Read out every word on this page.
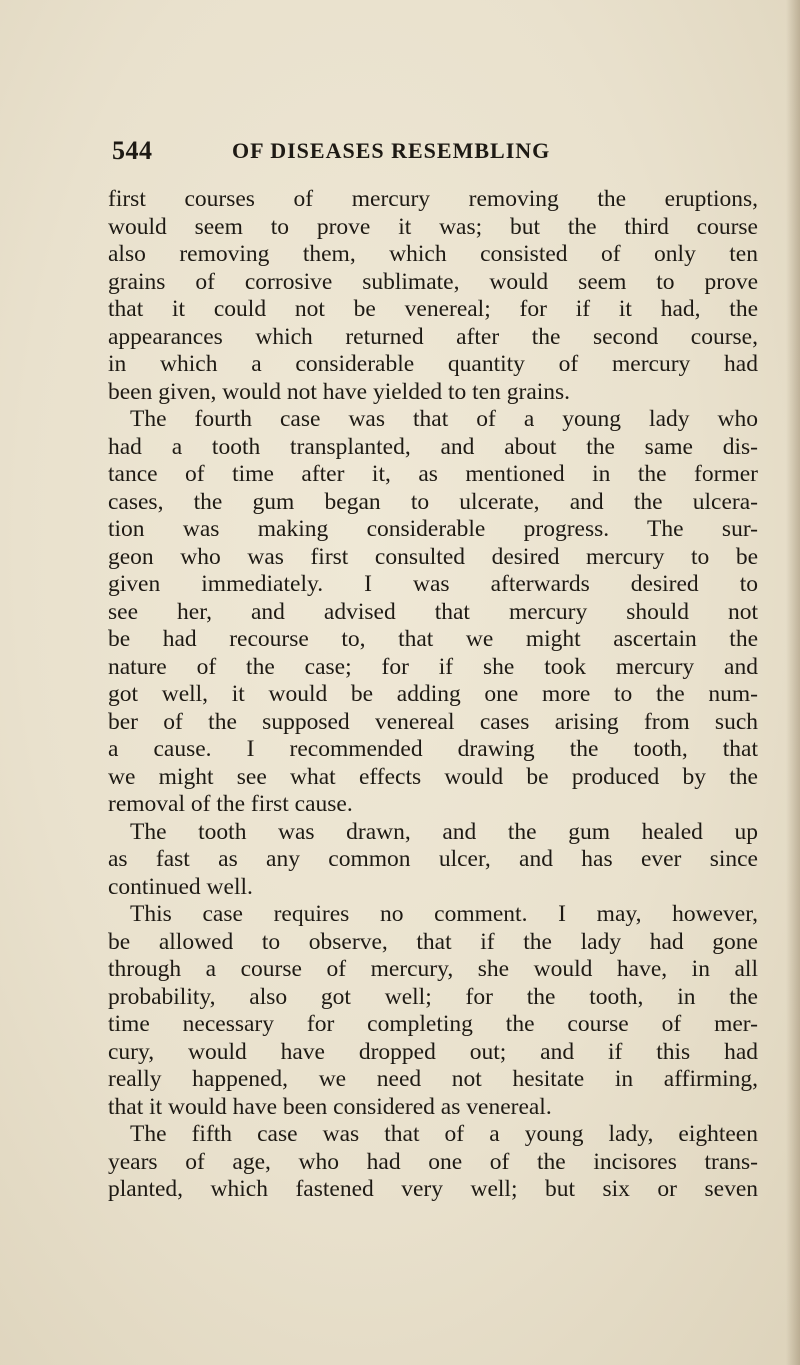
544	OF DISEASES RESEMBLING
first courses of mercury removing the eruptions,
would seem to prove it was; but the third course
also removing them, which consisted of only ten
grains of corrosive sublimate, would seem to prove
that it could not be venereal; for if it had, the
appearances which returned after the second course,
in which a considerable quantity of mercury had
been given, would not have yielded to ten grains.
The fourth case was that of a young lady who
had a tooth transplanted, and about the same dis-
tance of time after it, as mentioned in the former
cases, the gum began to ulcerate, and the ulcera-
tion was making considerable progress. The sur-
geon who was first consulted desired mercury to be
given immediately. I was afterwards desired to
see her, and advised that mercury should not
be had recourse to, that we might ascertain the
nature of the case; for if she took mercury and
got well, it would be adding one more to the num-
ber of the supposed venereal cases arising from such
a cause. I recommended drawing the tooth, that
we might see what effects would be produced by the
removal of the first cause.
The tooth was drawn, and the gum healed up
as fast as any common ulcer, and has ever since
continued well.
This case requires no comment. I may, however,
be allowed to observe, that if the lady had gone
through a course of mercury, she would have, in all
probability, also got well; for the tooth, in the
time necessary for completing the course of mer-
cury, would have dropped out; and if this had
really happened, we need not hesitate in affirming,
that it would have been considered as venereal.
The fifth case was that of a young lady, eighteen
years of age, who had one of the incisores trans-
planted, which fastened very well; but six or seven
